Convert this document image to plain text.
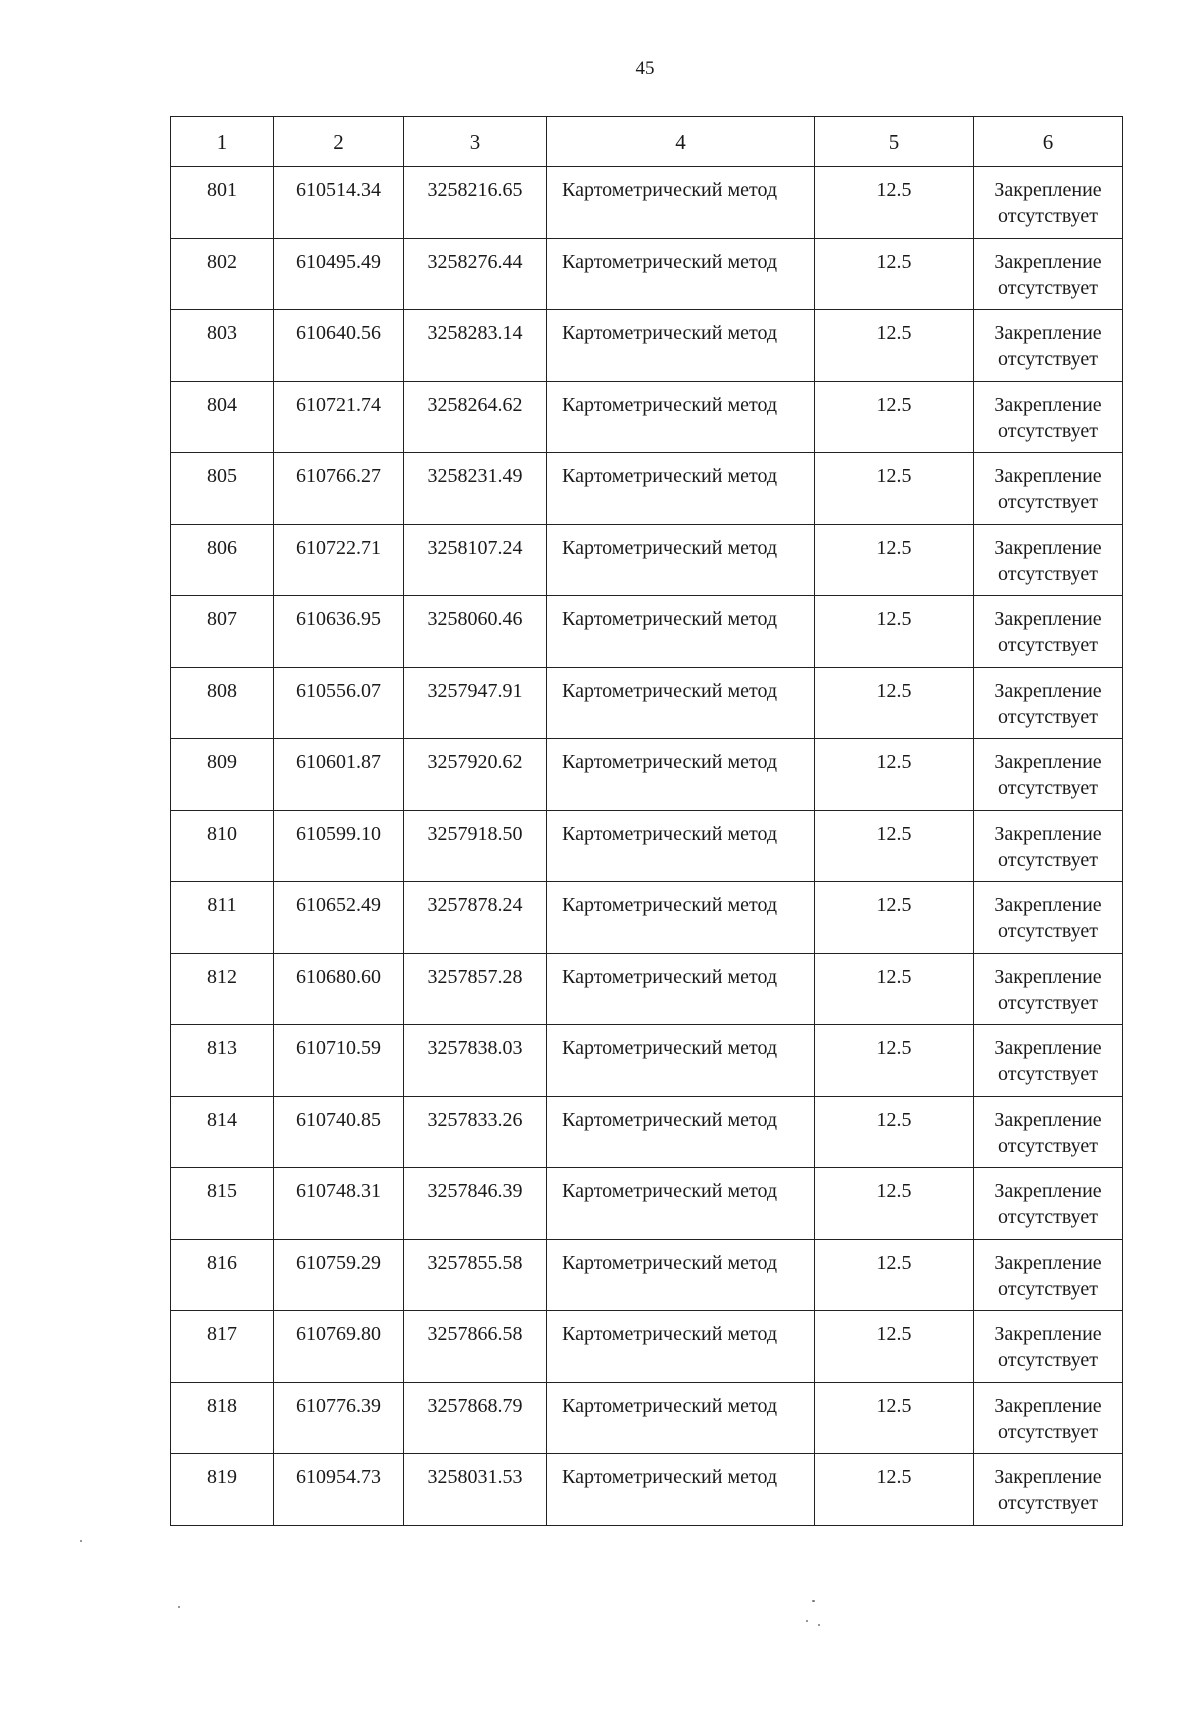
45
1	2	3	4	5	6
801	610514.34	3258216.65	Картометрический метод	12.5	Закрепление отсутствует
802	610495.49	3258276.44	Картометрический метод	12.5	Закрепление отсутствует
803	610640.56	3258283.14	Картометрический метод	12.5	Закрепление отсутствует
804	610721.74	3258264.62	Картометрический метод	12.5	Закрепление отсутствует
805	610766.27	3258231.49	Картометрический метод	12.5	Закрепление отсутствует
806	610722.71	3258107.24	Картометрический метод	12.5	Закрепление отсутствует
807	610636.95	3258060.46	Картометрический метод	12.5	Закрепление отсутствует
808	610556.07	3257947.91	Картометрический метод	12.5	Закрепление отсутствует
809	610601.87	3257920.62	Картометрический метод	12.5	Закрепление отсутствует
810	610599.10	3257918.50	Картометрический метод	12.5	Закрепление отсутствует
811	610652.49	3257878.24	Картометрический метод	12.5	Закрепление отсутствует
812	610680.60	3257857.28	Картометрический метод	12.5	Закрепление отсутствует
813	610710.59	3257838.03	Картометрический метод	12.5	Закрепление отсутствует
814	610740.85	3257833.26	Картометрический метод	12.5	Закрепление отсутствует
815	610748.31	3257846.39	Картометрический метод	12.5	Закрепление отсутствует
816	610759.29	3257855.58	Картометрический метод	12.5	Закрепление отсутствует
817	610769.80	3257866.58	Картометрический метод	12.5	Закрепление отсутствует
818	610776.39	3257868.79	Картометрический метод	12.5	Закрепление отсутствует
819	610954.73	3258031.53	Картометрический метод	12.5	Закрепление отсутствует
